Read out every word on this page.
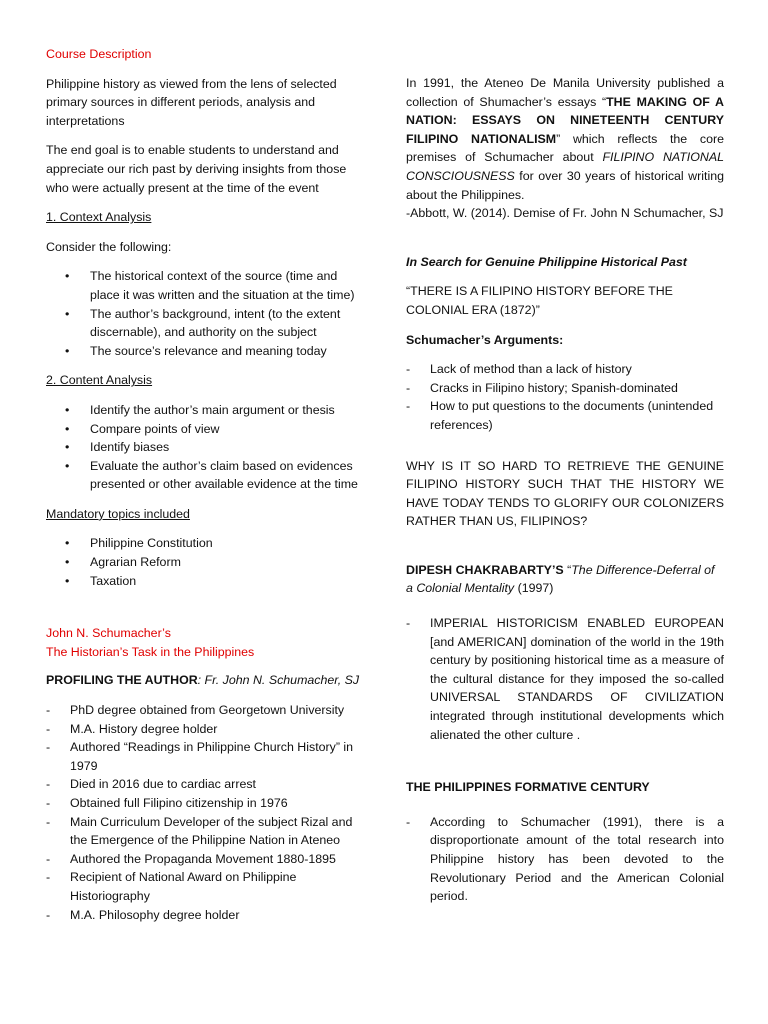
Course Description

Philippine history as viewed from the lens of selected primary sources in different periods, analysis and interpretations

The end goal is to enable students to understand and appreciate our rich past by deriving insights from those who were actually present at the time of the event

1. Context Analysis

Consider the following:

• The historical context of the source (time and place it was written and the situation at the time)
• The author’s background, intent (to the extent discernable), and authority on the subject
• The source’s relevance and meaning today

2. Content Analysis

• Identify the author’s main argument or thesis
• Compare points of view
• Identify biases
• Evaluate the author’s claim based on evidences presented or other available evidence at the time

Mandatory topics included

• Philippine Constitution
• Agrarian Reform
• Taxation

John N. Schumacher’s

The Historian’s Task in the Philippines

PROFILING THE AUTHOR: Fr. John N. Schumacher, SJ

- PhD degree obtained from Georgetown University
- M.A. History degree holder
- Authored “Readings in Philippine Church History” in 1979
- Died in 2016 due to cardiac arrest
- Obtained full Filipino citizenship in 1976
- Main Curriculum Developer of the subject Rizal and the Emergence of the Philippine Nation in Ateneo
- Authored the Propaganda Movement 1880-1895
- Recipient of National Award on Philippine Historiography
- M.A. Philosophy degree holder

In 1991, the Ateneo De Manila University published a collection of Shumacher’s essays “THE MAKING OF A NATION: ESSAYS ON NINETEENTH CENTURY FILIPINO NATIONALISM” which reflects the core premises of Schumacher about FILIPINO NATIONAL CONSCIOUSNESS for over 30 years of historical writing about the Philippines.

-Abbott, W. (2014). Demise of Fr. John N Schumacher, SJ

In Search for Genuine Philippine Historical Past

“THERE IS A FILIPINO HISTORY BEFORE THE COLONIAL ERA (1872)”

Schumacher’s Arguments:

- Lack of method than a lack of history
- Cracks in Filipino history; Spanish-dominated
- How to put questions to the documents (unintended references)

WHY IS IT SO HARD TO RETRIEVE THE GENUINE FILIPINO HISTORY SUCH THAT THE HISTORY WE HAVE TODAY TENDS TO GLORIFY OUR COLONIZERS RATHER THAN US, FILIPINOS?

DIPESH CHAKRABARTY’S “The Difference-Deferral of a Colonial Mentality (1997)

- IMPERIAL HISTORICISM ENABLED EUROPEAN [and AMERICAN] domination of the world in the 19th century by positioning historical time as a measure of the cultural distance for they imposed the so-called UNIVERSAL STANDARDS OF CIVILIZATION integrated through institutional developments which alienated the other culture .

THE PHILIPPINES FORMATIVE CENTURY

- According to Schumacher (1991), there is a disproportionate amount of the total research into Philippine history has been devoted to the Revolutionary Period and the American Colonial period.
